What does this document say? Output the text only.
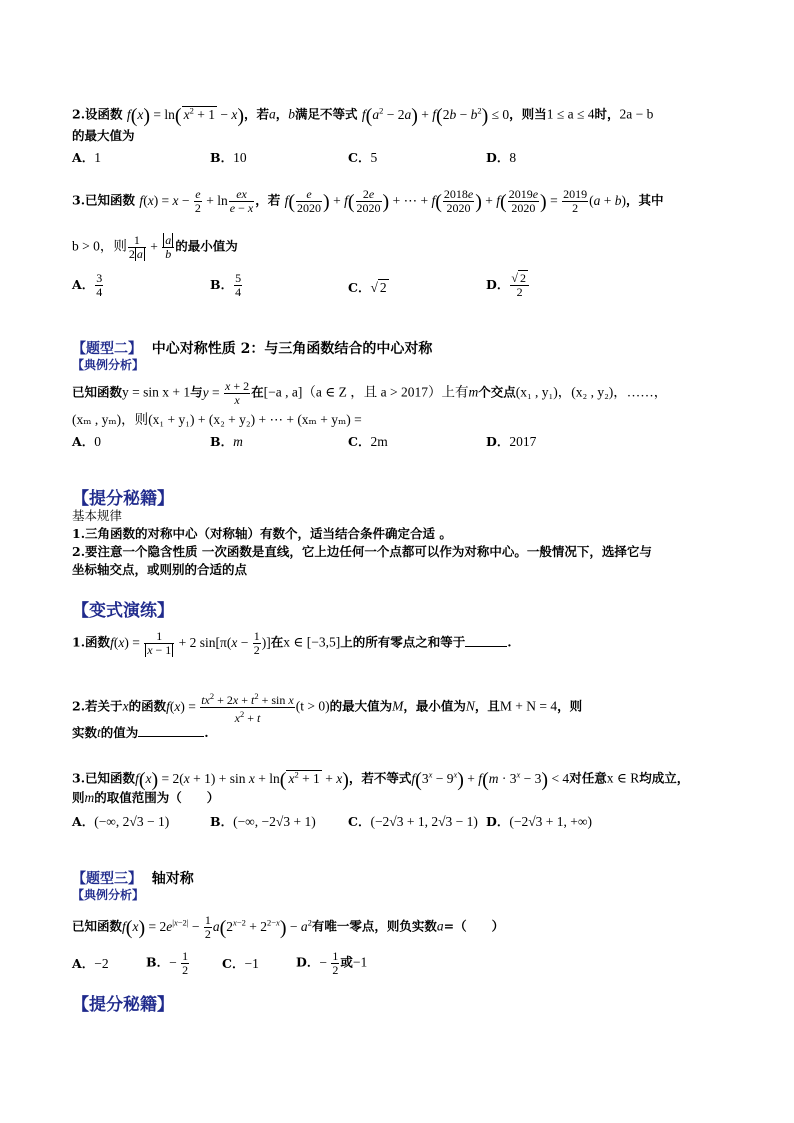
2.设函数 f(x) = ln( $x^2 + 1 - x$)，若a，b满足不等式 $f(a^2 - 2a) + f(2b - b^2) \le 0$，则当1 ≤ a ≤ 4时，2a − b
的最大值为
A．1	B．10	C．5	D．8
3.已知函数 $f(x) = x - \frac{e}{2} + \ln \frac{ex}{e - x}$ ，若 $f( \frac{e}{2020}$ ) + $f( \frac{2e}{2020}$ ) + ⋯ + $f( \frac{2018e}{2020}$ ) + $f( \frac{2019e}{2020}$ ) = $\frac{2019}{2} (a + b)$，其中
b > 0，则 $\frac{1}{2 a} + \frac{a}{b}$ 的最小值为
A． $\frac{3}{4}$	B． $\frac{5}{4}$	C．√ 2	D． $\frac{√ 2}{2}$
【题型二】 中心对称性质 2：与三角函数结合的中心对称
【典例分析】
已知函数y = sin x + 1与$y = \frac{x + 2}{x}$ 在[−a , a]（a ∈ Z ，且 a > 2017）上有m个交点(x₁ , y₁)，(x₂ , y₂)，……，
(xₘ , yₘ)，则(x₁ + y₁) + (x₂ + y₂) + ⋯ + (xₘ + yₘ) =
A．0	B．m	C．2m	D．2017
【提分秘籍】
基本规律
1.三角函数的对称中心（对称轴）有数个，适当结合条件确定合适 。
2.要注意一个隐含性质 一次函数是直线，它上边任何一个点都可以作为对称中心。一般情况下，选择它与
坐标轴交点，或则别的合适的点
【变式演练】
1.函数$f(x) = \frac{1}{x - 1} + 2$ $\sin[\pi(x - \frac{1}{2}$ )]在x ∈ [−3,5]上的所有零点之和等于	.
2.若关于x的函数$f(x) = \frac{tx^2 + 2x + t^2 + \sin x}{x^2 + t} (t > 0)$的最大值为M，最小值为N，且M + N = 4，则
实数t的值为	.
3.已知函数f(x) = 2(x + 1) + sin x + ln( $x^2 + 1 + x$)，若不等式$f(3^x - 9^x) + f(m \cdot 3^x - 3) < 4$对任意x ∈ R均成立，
则m的取值范围为（　　）
A．(−∞, 2√3 − 1)	B．(−∞, −2√3 + 1)	C．(−2√3 + 1, 2√3 − 1) D．(−2√3 + 1, +∞)
【题型三】 轴对称
【典例分析】
已知函数$f(x) = 2e^{|x-2|} - \frac{1}{2} a(2^{x-2} + 2^{2-x}) - a^2$有唯一零点，则负实数a=（　　）
A．−2	B．− $\frac{1}{2}$	C．−1	D．− $\frac{1}{2}$ 或−1
【提分秘籍】
